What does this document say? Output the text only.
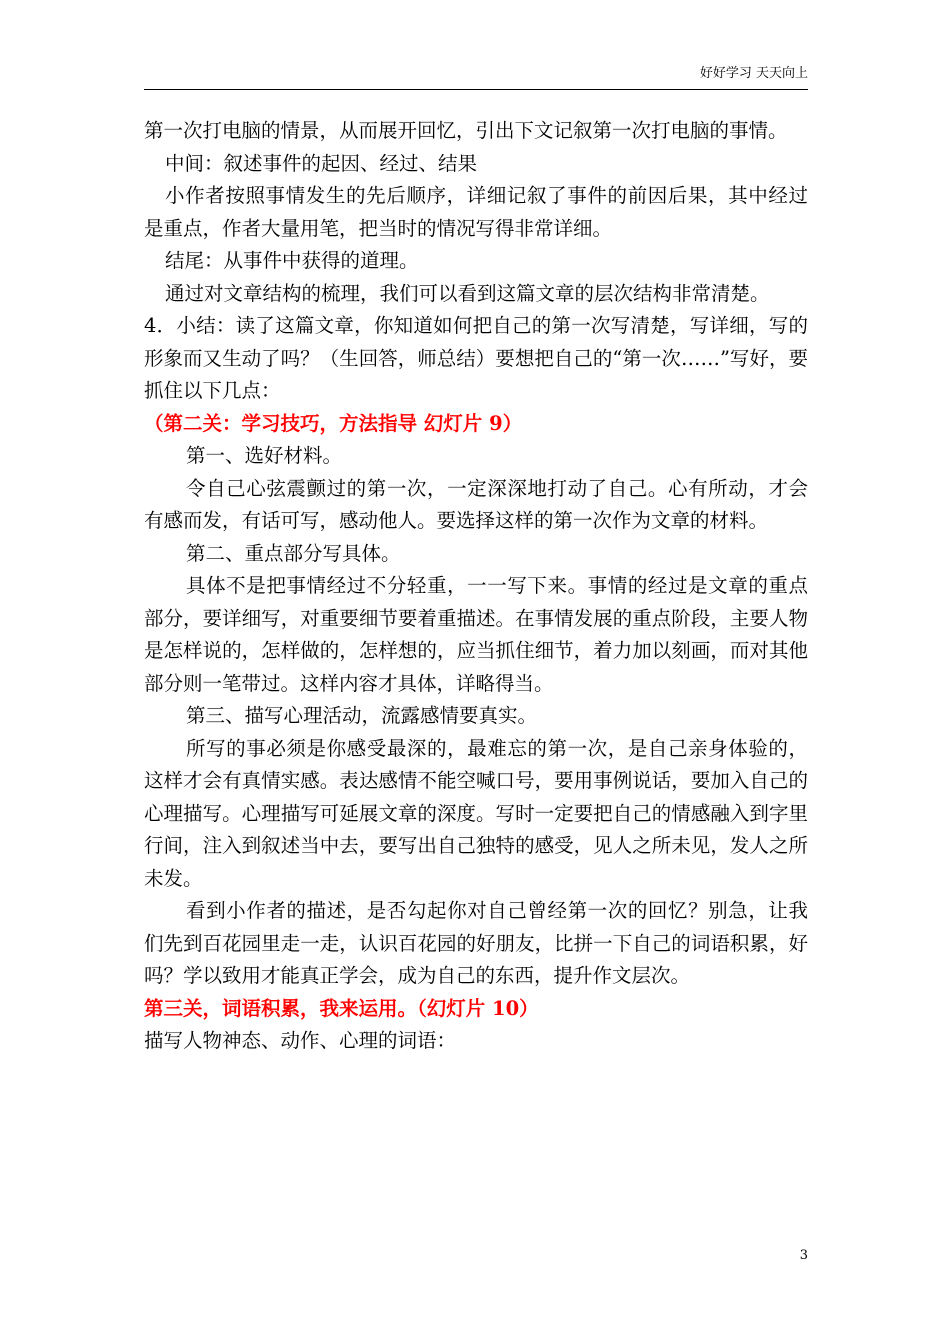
好好学习 天天向上

第一次打电脑的情景，从而展开回忆，引出下文记叙第一次打电脑的事情。

中间：叙述事件的起因、经过、结果

小作者按照事情发生的先后顺序，详细记叙了事件的前因后果，其中经过是重点，作者大量用笔，把当时的情况写得非常详细。

结尾：从事件中获得的道理。

通过对文章结构的梳理，我们可以看到这篇文章的层次结构非常清楚。

4．小结：读了这篇文章，你知道如何把自己的第一次写清楚，写详细，写的形象而又生动了吗？（生回答，师总结）要想把自己的“第一次……”写好，要抓住以下几点：

（第二关：学习技巧，方法指导 幻灯片 9）

第一、选好材料。

令自己心弦震颤过的第一次，一定深深地打动了自己。心有所动，才会有感而发，有话可写，感动他人。要选择这样的第一次作为文章的材料。

第二、重点部分写具体。

具体不是把事情经过不分轻重，一一写下来。事情的经过是文章的重点部分，要详细写，对重要细节要着重描述。在事情发展的重点阶段，主要人物是怎样说的，怎样做的，怎样想的，应当抓住细节，着力加以刻画，而对其他部分则一笔带过。这样内容才具体，详略得当。

第三、描写心理活动，流露感情要真实。

所写的事必须是你感受最深的，最难忘的第一次，是自己亲身体验的，这样才会有真情实感。表达感情不能空喊口号，要用事例说话，要加入自己的心理描写。心理描写可延展文章的深度。写时一定要把自己的情感融入到字里行间，注入到叙述当中去，要写出自己独特的感受，见人之所未见，发人之所未发。

看到小作者的描述，是否勾起你对自己曾经第一次的回忆？别急，让我们先到百花园里走一走，认识百花园的好朋友，比拼一下自己的词语积累，好吗？学以致用才能真正学会，成为自己的东西，提升作文层次。

第三关，词语积累，我来运用。（幻灯片 10）

描写人物神态、动作、心理的词语：

3
